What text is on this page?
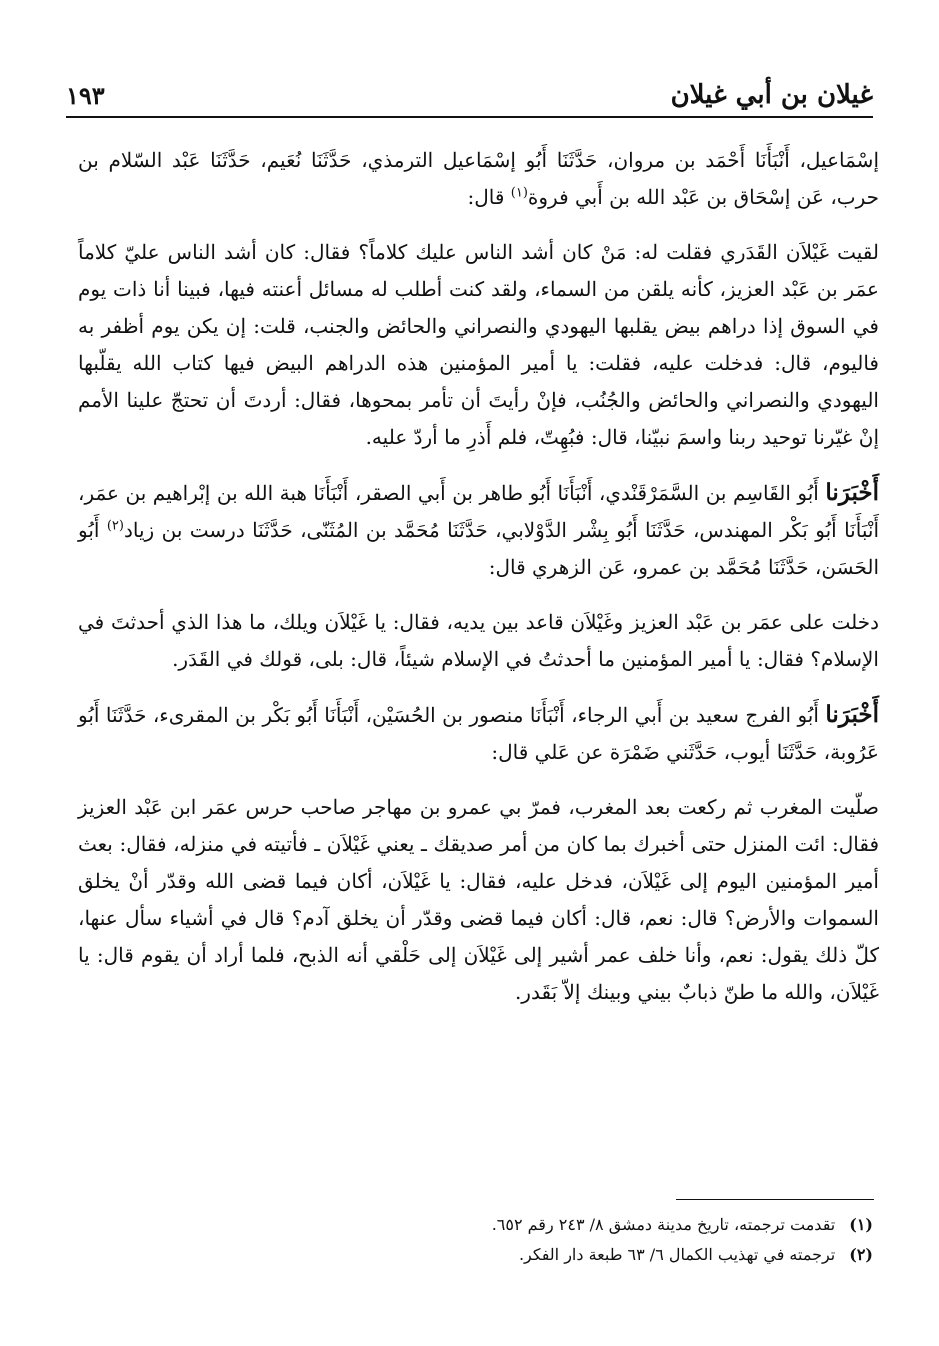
غيلان بن أبي غيلان
١٩٣

إسْمَاعيل، أَنْبَأَنَا أَحْمَد بن مروان، حَدَّثَنَا أَبُو إسْمَاعيل الترمذي، حَدَّثَنَا نُعَيم، حَدَّثَنَا عَبْد السّلام بن حرب، عَن إسْحَاق بن عَبْد الله بن أَبي فروة$^{(١)}$ قال:

لقيت غَيْلاَن القَدَري فقلت له: مَنْ كان أشد الناس عليك كلاماً؟ فقال: كان أشد الناس عليّ كلاماً عمَر بن عَبْد العزيز، كأنه يلقن من السماء، ولقد كنت أطلب له مسائل أعنته فيها، فبينا أنا ذات يوم في السوق إذا دراهم بيض يقلبها اليهودي والنصراني والحائض والجنب، قلت: إن يكن يوم أظفر به فاليوم، قال: فدخلت عليه، فقلت: يا أمير المؤمنين هذه الدراهم البيض فيها كتاب الله يقلّبها اليهودي والنصراني والحائض والجُنُب، فإنْ رأيتَ أن تأمر بمحوها، فقال: أردتَ أن تحتجّ علينا الأمم إنْ غيّرنا توحيد ربنا واسمَ نبيّنا، قال: فبُهِتّ، فلم أَذرِ ما أردّ عليه.

أَخْبَرَنا أَبُو القَاسِم بن السَّمَرْقَنْدي، أَنْبَأَنَا أَبُو طاهر بن أَبي الصقر، أَنْبَأَنَا هبة الله بن إبْراهيم بن عمَر، أَنْبَأَنَا أَبُو بَكْر المهندس، حَدَّثَنَا أَبُو بِشْر الدَّوْلابي، حَدَّثَنَا مُحَمَّد بن المُثَنّى، حَدَّثَنَا درست بن زياد$^{(٢)}$ أَبُو الحَسَن، حَدَّثَنَا مُحَمَّد بن عمرو، عَن الزهري قال:

دخلت على عمَر بن عَبْد العزيز وغَيْلاَن قاعد بين يديه، فقال: يا غَيْلاَن ويلك، ما هذا الذي أحدثتَ في الإسلام؟ فقال: يا أمير المؤمنين ما أحدثتُ في الإسلام شيئاً، قال: بلى، قولك في القَدَر.

أَخْبَرَنا أَبُو الفرج سعيد بن أَبي الرجاء، أَنْبَأَنَا منصور بن الحُسَيْن، أَنْبَأَنَا أَبُو بَكْر بن المقرىء، حَدَّثَنَا أَبُو عَرُوبة، حَدَّثَنَا أيوب، حَدَّثَني ضَمْرَة عن عَلي قال:

صلّيت المغرب ثم ركعت بعد المغرب، فمرّ بي عمرو بن مهاجر صاحب حرس عمَر ابن عَبْد العزيز فقال: ائت المنزل حتى أخبرك بما كان من أمر صديقك ـ يعني غَيْلاَن ـ فأتيته في منزله، فقال: بعث أمير المؤمنين اليوم إلى غَيْلاَن، فدخل عليه، فقال: يا غَيْلاَن، أكان فيما قضى الله وقدّر أنْ يخلق السموات والأرض؟ قال: نعم، قال: أكان فيما قضى وقدّر أن يخلق آدم؟ قال في أشياء سأل عنها، كلّ ذلك يقول: نعم، وأنا خلف عمر أشير إلى غَيْلاَن إلى حَلْقي أنه الذبح، فلما أراد أن يقوم قال: يا غَيْلاَن، والله ما طنّ ذبابٌ بيني وبينك إلاّ بَقَدر.

(١)
تقدمت ترجمته، تاريخ مدينة دمشق ٨/ ٢٤٣ رقم ٦٥٢.
(٢)
ترجمته في تهذيب الكمال ٦/ ٦٣ طبعة دار الفكر.
